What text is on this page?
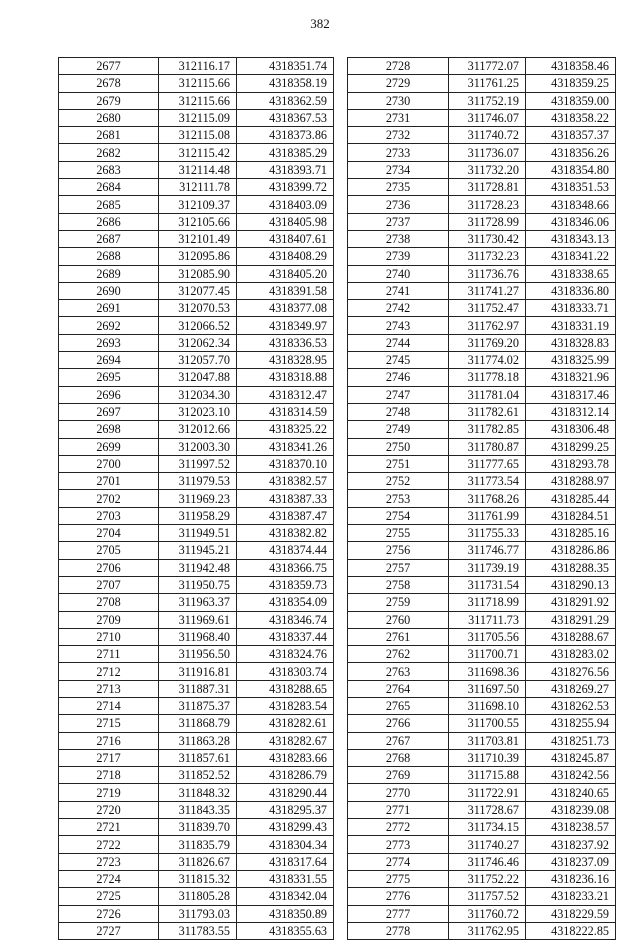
382
2677	312116.17	4318351.74
2678	312115.66	4318358.19
2679	312115.66	4318362.59
2680	312115.09	4318367.53
2681	312115.08	4318373.86
2682	312115.42	4318385.29
2683	312114.48	4318393.71
2684	312111.78	4318399.72
2685	312109.37	4318403.09
2686	312105.66	4318405.98
2687	312101.49	4318407.61
2688	312095.86	4318408.29
2689	312085.90	4318405.20
2690	312077.45	4318391.58
2691	312070.53	4318377.08
2692	312066.52	4318349.97
2693	312062.34	4318336.53
2694	312057.70	4318328.95
2695	312047.88	4318318.88
2696	312034.30	4318312.47
2697	312023.10	4318314.59
2698	312012.66	4318325.22
2699	312003.30	4318341.26
2700	311997.52	4318370.10
2701	311979.53	4318382.57
2702	311969.23	4318387.33
2703	311958.29	4318387.47
2704	311949.51	4318382.82
2705	311945.21	4318374.44
2706	311942.48	4318366.75
2707	311950.75	4318359.73
2708	311963.37	4318354.09
2709	311969.61	4318346.74
2710	311968.40	4318337.44
2711	311956.50	4318324.76
2712	311916.81	4318303.74
2713	311887.31	4318288.65
2714	311875.37	4318283.54
2715	311868.79	4318282.61
2716	311863.28	4318282.67
2717	311857.61	4318283.66
2718	311852.52	4318286.79
2719	311848.32	4318290.44
2720	311843.35	4318295.37
2721	311839.70	4318299.43
2722	311835.79	4318304.34
2723	311826.67	4318317.64
2724	311815.32	4318331.55
2725	311805.28	4318342.04
2726	311793.03	4318350.89
2727	311783.55	4318355.63
2728	311772.07	4318358.46
2729	311761.25	4318359.25
2730	311752.19	4318359.00
2731	311746.07	4318358.22
2732	311740.72	4318357.37
2733	311736.07	4318356.26
2734	311732.20	4318354.80
2735	311728.81	4318351.53
2736	311728.23	4318348.66
2737	311728.99	4318346.06
2738	311730.42	4318343.13
2739	311732.23	4318341.22
2740	311736.76	4318338.65
2741	311741.27	4318336.80
2742	311752.47	4318333.71
2743	311762.97	4318331.19
2744	311769.20	4318328.83
2745	311774.02	4318325.99
2746	311778.18	4318321.96
2747	311781.04	4318317.46
2748	311782.61	4318312.14
2749	311782.85	4318306.48
2750	311780.87	4318299.25
2751	311777.65	4318293.78
2752	311773.54	4318288.97
2753	311768.26	4318285.44
2754	311761.99	4318284.51
2755	311755.33	4318285.16
2756	311746.77	4318286.86
2757	311739.19	4318288.35
2758	311731.54	4318290.13
2759	311718.99	4318291.92
2760	311711.73	4318291.29
2761	311705.56	4318288.67
2762	311700.71	4318283.02
2763	311698.36	4318276.56
2764	311697.50	4318269.27
2765	311698.10	4318262.53
2766	311700.55	4318255.94
2767	311703.81	4318251.73
2768	311710.39	4318245.87
2769	311715.88	4318242.56
2770	311722.91	4318240.65
2771	311728.67	4318239.08
2772	311734.15	4318238.57
2773	311740.27	4318237.92
2774	311746.46	4318237.09
2775	311752.22	4318236.16
2776	311757.52	4318233.21
2777	311760.72	4318229.59
2778	311762.95	4318222.85
